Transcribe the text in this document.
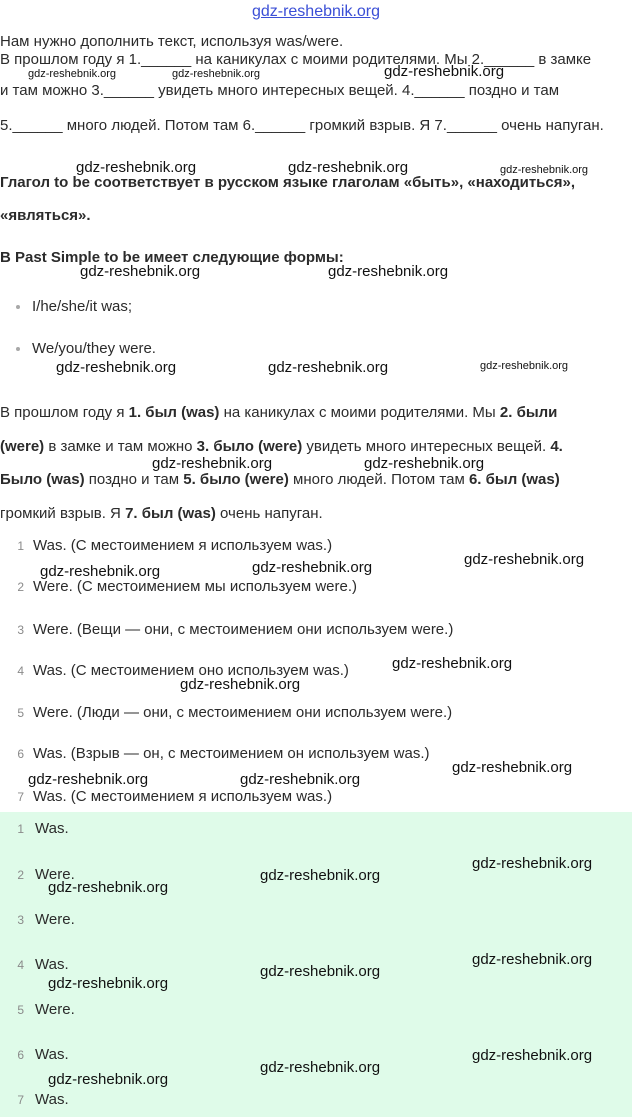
gdz-reshebnik.org

Нам нужно дополнить текст, используя was/were.

В прошлом году я 1.______ на каникулах с моими родителями. Мы 2.______ в замке

и там можно 3.______ увидеть много интересных вещей. 4.______ поздно и там

5.______ много людей. Потом там 6.______ громкий взрыв. Я 7.______ очень напуган.

Глагол to be соответствует в русском языке глаголам «быть», «находиться»,

«являться».

В Past Simple to be имеет следующие формы:

I/he/she/it was;
We/you/they were.

В прошлом году я 1. был (was) на каникулах с моими родителями. Мы 2. были

(were) в замке и там можно 3. было (were) увидеть много интересных вещей. 4.

Было (was) поздно и там 5. было (were) много людей. Потом там 6. был (was)

громкий взрыв. Я 7. был (was) очень напуган.

1 Was. (С местоимением я используем was.)
2 Were. (С местоимением мы используем were.)
3 Were. (Вещи — они, с местоимением они используем were.)
4 Was. (С местоимением оно используем was.)
5 Were. (Люди — они, с местоимением они используем were.)
6 Was. (Взрыв — он, с местоимением он используем was.)
7 Was. (С местоимением я используем was.)
1 Was.
2 Were.
3 Were.
4 Was.
5 Were.
6 Was.
7 Was.
gdz-reshebnik.org	gdz-reshebnik.org	gdz-reshebnik.org
gdz-reshebnik.org	gdz-reshebnik.org	gdz-reshebnik.org
gdz-reshebnik.org	gdz-reshebnik.org
gdz-reshebnik.org	gdz-reshebnik.org	gdz-reshebnik.org
gdz-reshebnik.org	gdz-reshebnik.org
gdz-reshebnik.org
gdz-reshebnik.org
gdz-reshebnik.org
gdz-reshebnik.org
gdz-reshebnik.org
gdz-reshebnik.org
gdz-reshebnik.org	gdz-reshebnik.org
gdz-reshebnik.org
gdz-reshebnik.org
gdz-reshebnik.org
gdz-reshebnik.org
gdz-reshebnik.org
gdz-reshebnik.org
gdz-reshebnik.org
gdz-reshebnik.org
gdz-reshebnik.org
